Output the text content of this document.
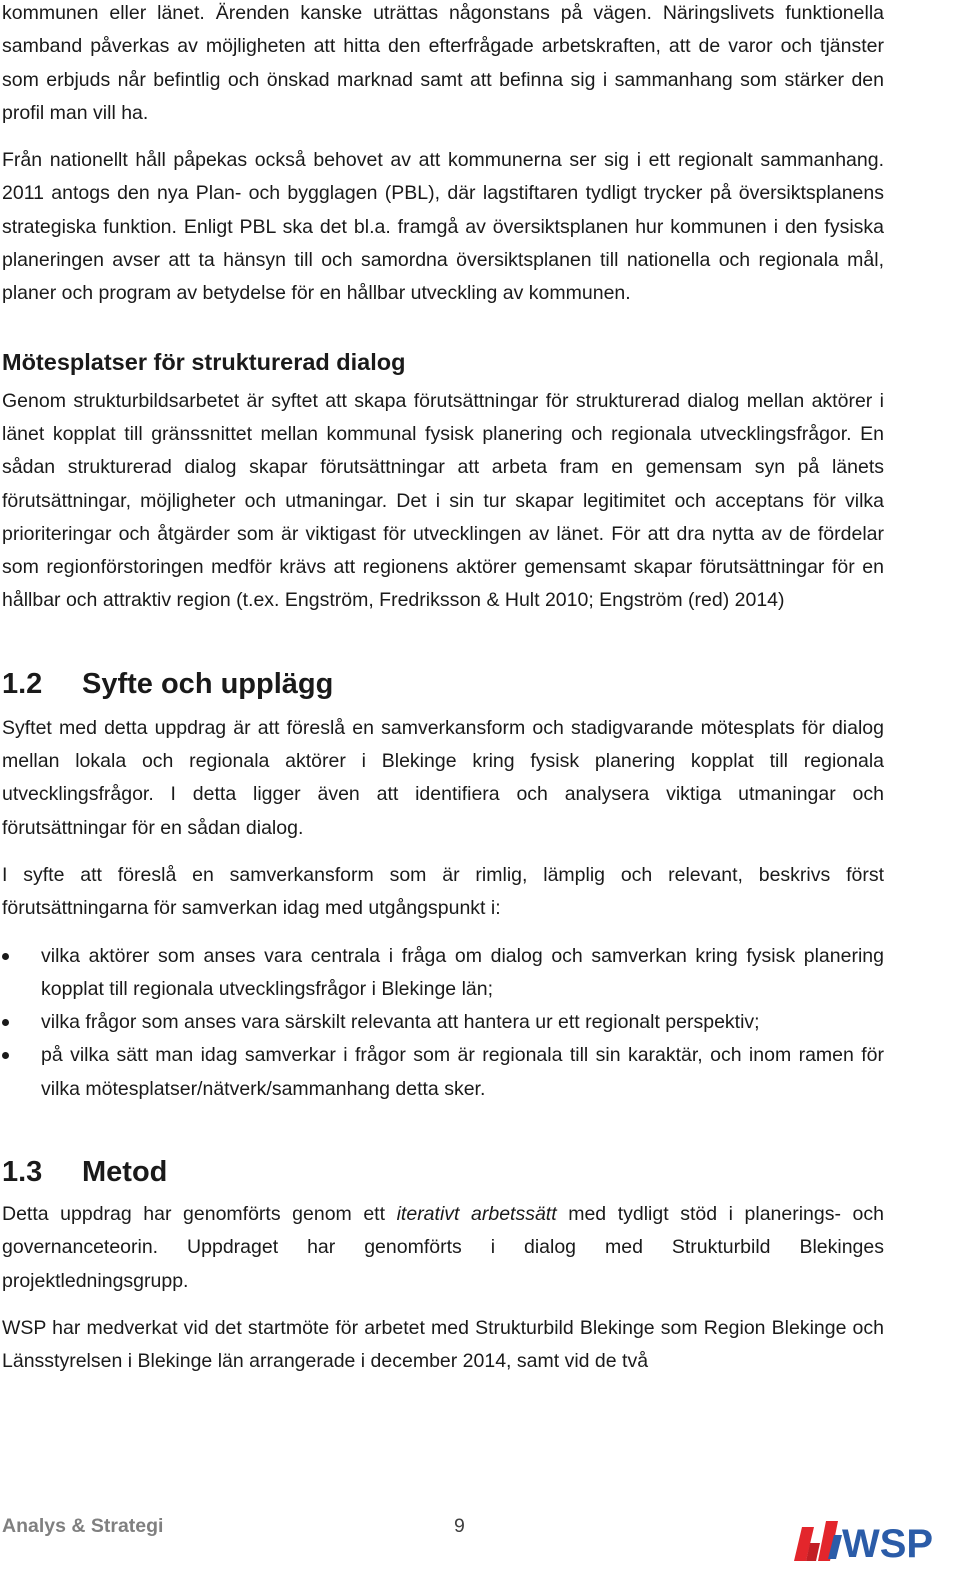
kommunen eller länet. Ärenden kanske uträttas någonstans på vägen. Näringslivets funktionella samband påverkas av möjligheten att hitta den efterfrågade arbetskraften, att de varor och tjänster som erbjuds når befintlig och önskad marknad samt att befinna sig i sammanhang som stärker den profil man vill ha.

Från nationellt håll påpekas också behovet av att kommunerna ser sig i ett regionalt sammanhang. 2011 antogs den nya Plan- och bygglagen (PBL), där lagstiftaren tydligt trycker på översiktsplanens strategiska funktion. Enligt PBL ska det bl.a. framgå av översiktsplanen hur kommunen i den fysiska planeringen avser att ta hänsyn till och samordna översiktsplanen till nationella och regionala mål, planer och program av betydelse för en hållbar utveckling av kommunen.

Mötesplatser för strukturerad dialog

Genom strukturbildsarbetet är syftet att skapa förutsättningar för strukturerad dialog mellan aktörer i länet kopplat till gränssnittet mellan kommunal fysisk planering och regionala utvecklingsfrågor. En sådan strukturerad dialog skapar förutsättningar att arbeta fram en gemensam syn på länets förutsättningar, möjligheter och utmaningar. Det i sin tur skapar legitimitet och acceptans för vilka prioriteringar och åtgärder som är viktigast för utvecklingen av länet. För att dra nytta av de fördelar som regionförstoringen medför krävs att regionens aktörer gemensamt skapar förutsättningar för en hållbar och attraktiv region (t.ex. Engström, Fredriksson & Hult 2010; Engström (red) 2014)

1.2 Syfte och upplägg

Syftet med detta uppdrag är att föreslå en samverkansform och stadigvarande mötesplats för dialog mellan lokala och regionala aktörer i Blekinge kring fysisk planering kopplat till regionala utvecklingsfrågor. I detta ligger även att identifiera och analysera viktiga utmaningar och förutsättningar för en sådan dialog.

I syfte att föreslå en samverkansform som är rimlig, lämplig och relevant, beskrivs först förutsättningarna för samverkan idag med utgångspunkt i:

vilka aktörer som anses vara centrala i fråga om dialog och samverkan kring fysisk planering kopplat till regionala utvecklingsfrågor i Blekinge län;
vilka frågor som anses vara särskilt relevanta att hantera ur ett regionalt perspektiv;
på vilka sätt man idag samverkar i frågor som är regionala till sin karaktär, och inom ramen för vilka mötesplatser/nätverk/sammanhang detta sker.
1.3 Metod

Detta uppdrag har genomförts genom ett iterativt arbetssätt med tydligt stöd i planerings- och governanceteorin. Uppdraget har genomförts i dialog med Strukturbild Blekinges projektledningsgrupp.

WSP har medverkat vid det startmöte för arbetet med Strukturbild Blekinge som Region Blekinge och Länsstyrelsen i Blekinge län arrangerade i december 2014, samt vid de två

Analys & Strategi	9	WSP
